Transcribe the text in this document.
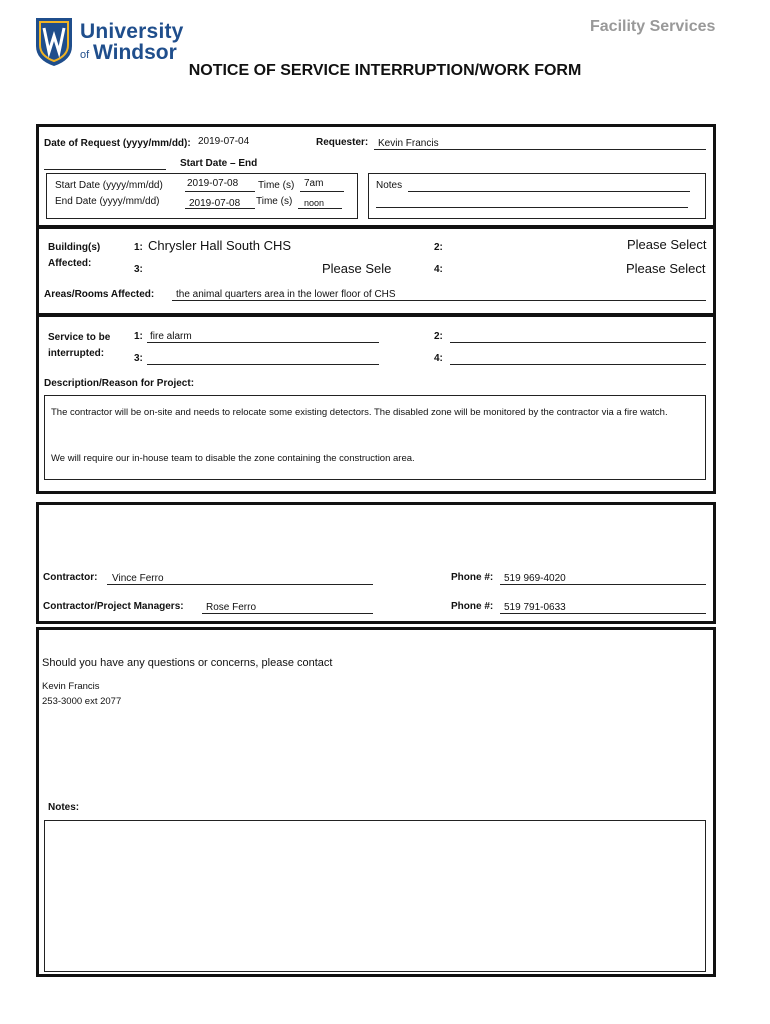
University
of Windsor
Facility Services
NOTICE OF SERVICE INTERRUPTION/WORK FORM
Date of Request (yyyy/mm/dd): 2019-07-04	Requester: Kevin Francis
Start Date – End
Start Date (yyyy/mm/dd) 2019-07-08 Time (s) 7am
End Date (yyyy/mm/dd)	2019-07-08 Time (s) noon
Notes
Building(s)
Affected:
1: Chrysler Hall South CHS	2:	Please Select
3:	Please Sele	4:	Please Select
Areas/Rooms Affected: the animal quarters area in the lower floor of CHS
Service to be
interrupted:
1: fire alarm	2:
3:	4:
Description/Reason for Project:
The contractor will be on-site and needs to relocate some existing detectors. The disabled zone will be monitored by the contractor via a fire watch.
We will require our in-house team to disable the zone containing the construction area.
Contractor: Vince Ferro	Phone #: 519 969-4020
Contractor/Project Managers: Rose Ferro	Phone #: 519 791-0633
Should you have any questions or concerns, please contact
Kevin Francis
253-3000 ext 2077
Notes:
